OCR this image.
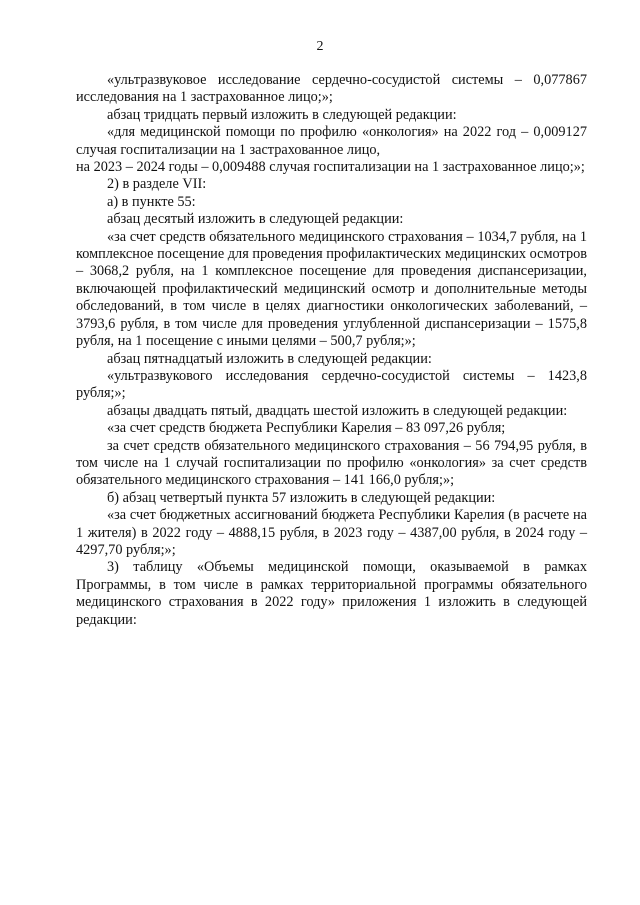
2

«ультразвуковое исследование сердечно-сосудистой системы – 0,077867 исследования на 1 застрахованное лицо;»;

абзац тридцать первый изложить в следующей редакции:

«для медицинской помощи по профилю «онкология» на 2022 год – 0,009127 случая госпитализации на 1 застрахованное лицо,
на 2023 – 2024 годы – 0,009488 случая госпитализации на 1 застрахованное лицо;»;

2) в разделе VII:

а) в пункте 55:

абзац десятый изложить в следующей редакции:

«за счет средств обязательного медицинского страхования – 1034,7 рубля, на 1 комплексное посещение для проведения профилактических медицинских осмотров – 3068,2 рубля, на 1 комплексное посещение для проведения диспансеризации, включающей профилактический медицинский осмотр и дополнительные методы обследований, в том числе в целях диагностики онкологических заболеваний, – 3793,6 рубля, в том числе для проведения углубленной диспансеризации – 1575,8 рубля, на 1 посещение с иными целями – 500,7 рубля;»;

абзац пятнадцатый изложить в следующей редакции:

«ультразвукового исследования сердечно-сосудистой системы – 1423,8 рубля;»;

абзацы двадцать пятый, двадцать шестой изложить в следующей редакции:

«за счет средств бюджета Республики Карелия – 83 097,26 рубля;

за счет средств обязательного медицинского страхования – 56 794,95 рубля, в том числе на 1 случай госпитализации по профилю «онкология» за счет средств обязательного медицинского страхования – 141 166,0 рубля;»;

б) абзац четвертый пункта 57 изложить в следующей редакции:

«за счет бюджетных ассигнований бюджета Республики Карелия (в расчете на 1 жителя) в 2022 году – 4888,15 рубля, в 2023 году – 4387,00 рубля, в 2024 году – 4297,70 рубля;»;

3) таблицу «Объемы медицинской помощи, оказываемой в рамках Программы, в том числе в рамках территориальной программы обязательного медицинского страхования в 2022 году» приложения 1 изложить в следующей редакции:
